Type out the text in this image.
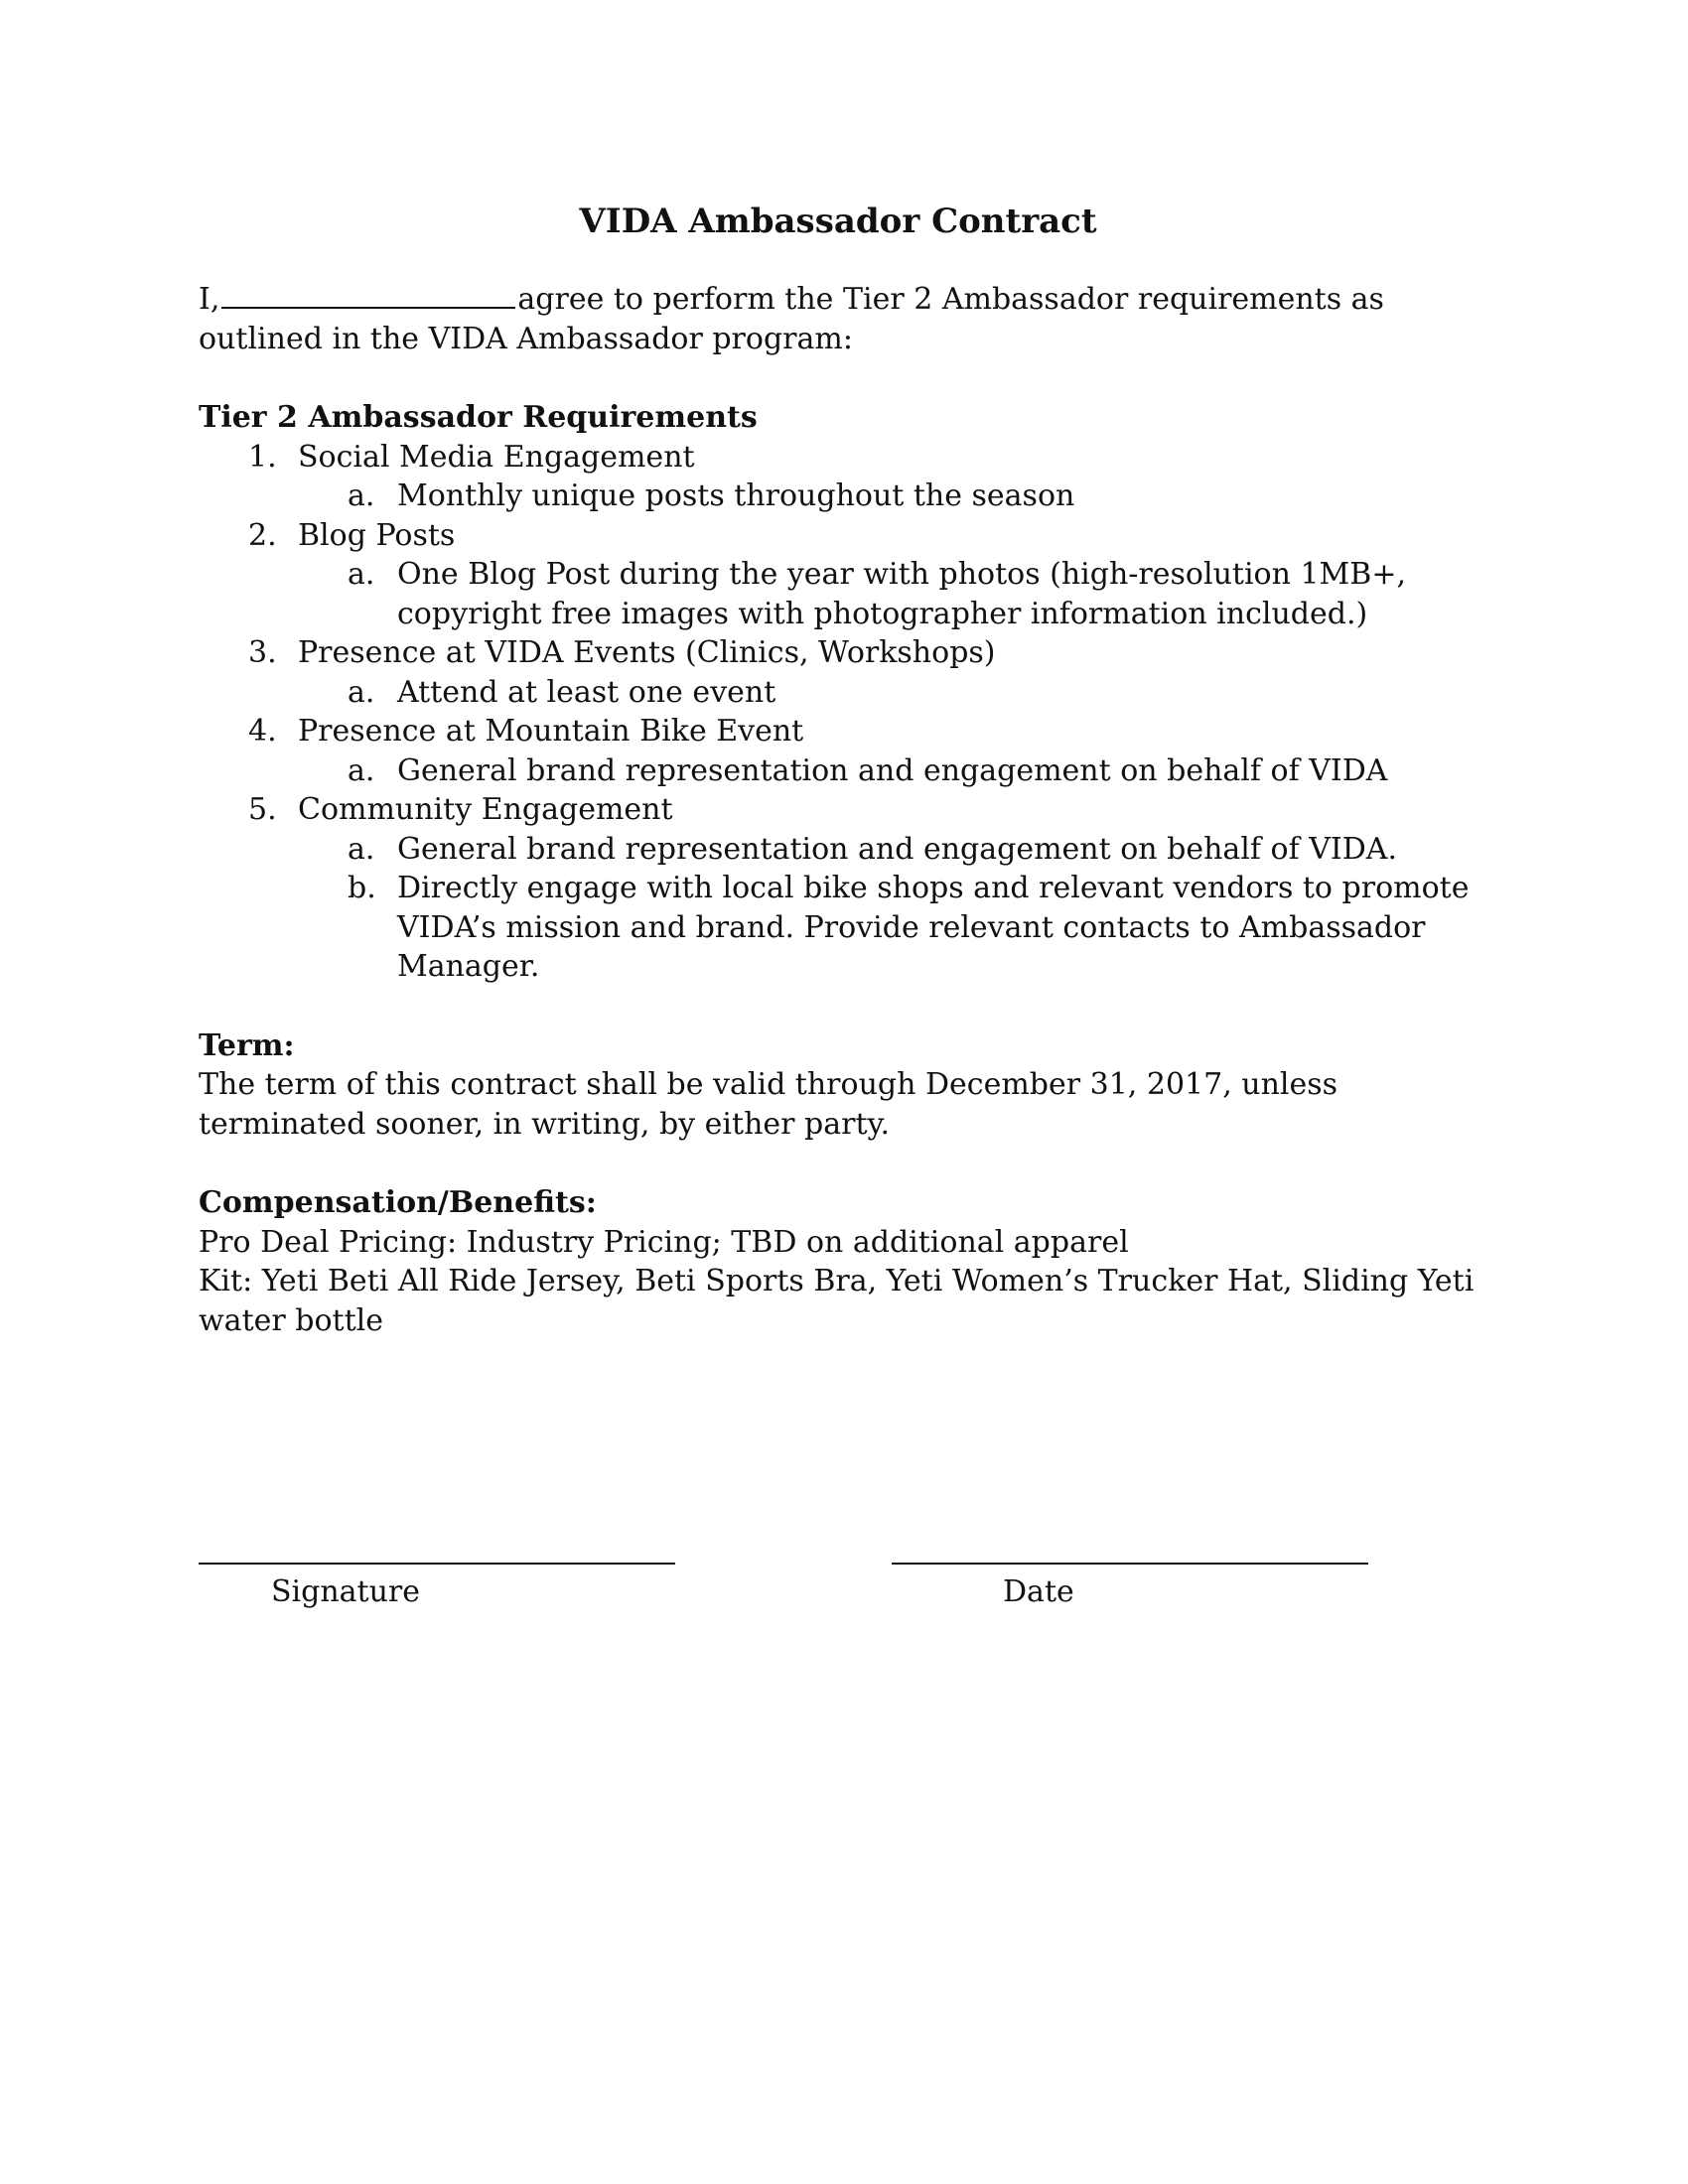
VIDA Ambassador Contract
I,	agree to perform the Tier 2 Ambassador requirements as outlined in the VIDA Ambassador program:
Tier 2 Ambassador Requirements
1. Social Media Engagement
a. Monthly unique posts throughout the season
2. Blog Posts
a. One Blog Post during the year with photos (high-resolution 1MB+, copyright free images with photographer information included.)
3. Presence at VIDA Events (Clinics, Workshops)
a. Attend at least one event
4. Presence at Mountain Bike Event
a. General brand representation and engagement on behalf of VIDA
5. Community Engagement
a. General brand representation and engagement on behalf of VIDA.
b. Directly engage with local bike shops and relevant vendors to promote VIDA’s mission and brand. Provide relevant contacts to Ambassador Manager.
Term:
The term of this contract shall be valid through December 31, 2017, unless terminated sooner, in writing, by either party.
Compensation/Benefits:
Pro Deal Pricing: Industry Pricing; TBD on additional apparel
Kit: Yeti Beti All Ride Jersey, Beti Sports Bra, Yeti Women’s Trucker Hat, Sliding Yeti water bottle
Signature	Date
